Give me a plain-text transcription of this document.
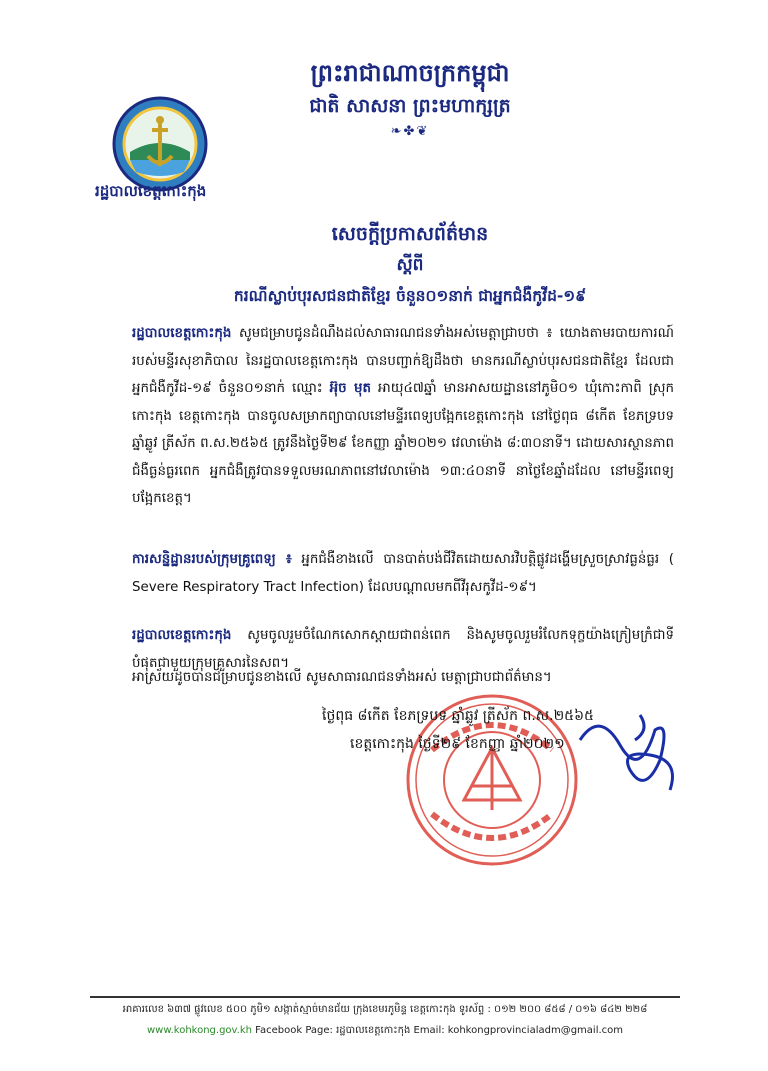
ព្រះរាជាណាចក្រកម្ពុជា
ជាតិ សាសនា ព្រះមហាក្សត្រ
❧✤❦
រដ្ឋបាលខេត្តកោះកុង
សេចក្តីប្រកាសព័ត៌មាន
ស្តីពី
ករណីស្លាប់បុរសជនជាតិខ្មែរ ចំនួន០១នាក់ ជាអ្នកជំងឺកូវីដ-១៩
រដ្ឋបាលខេត្តកោះកុង សូមជម្រាបជូនដំណឹងដល់សាធារណជនទាំងអស់មេត្តាជ្រាបថា ៖ យោងតាមរបាយការណ៍របស់មន្ទីរសុខាភិបាល នៃរដ្ឋបាលខេត្តកោះកុង បានបញ្ជាក់ឱ្យដឹងថា មានករណីស្លាប់បុរសជនជាតិខ្មែរ ដែលជាអ្នកជំងឺកូវីដ-១៩ ចំនួន០១នាក់ ឈ្មោះ អ៊ុច មុត អាយុ៤៧ឆ្នាំ មានអាសយដ្ឋាននៅភូមិ០១ ឃុំកោះកាពិ ស្រុកកោះកុង ខេត្តកោះកុង បានចូលសម្រាកព្យាបាលនៅមន្ទីរពេទ្យបង្អែកខេត្តកោះកុង នៅថ្ងៃពុធ ៨កើត ខែភទ្របទ ឆ្នាំឆ្លូវ ត្រីស័ក ព.ស.២៥៦៥ ត្រូវនឹងថ្ងៃទី២៩ ខែកញ្ញា ឆ្នាំ២០២១ វេលាម៉ោង ៨:៣០នាទី។ ដោយសារស្ថានភាពជំងឺធ្ងន់ធ្ងរពេក អ្នកជំងឺត្រូវបានទទួលមរណភាពនៅវេលាម៉ោង ១៣:៤០នាទី នាថ្ងៃខែឆ្នាំដដែល នៅមន្ទីរពេទ្យបង្អែកខេត្ត។
ការសន្និដ្ឋានរបស់ក្រុមគ្រូពេទ្យ ៖ អ្នកជំងឺខាងលើ បានបាត់បង់ជីវិតដោយសារវិបត្តិផ្លូវដង្ហើមស្រួចស្រាវធ្ងន់ធ្ងរ ( Severe Respiratory Tract Infection) ដែលបណ្តាលមកពីវីរុសកូវីដ-១៩។
រដ្ឋបាលខេត្តកោះកុង សូមចូលរួមចំណែកសោកស្តាយជាពន់ពេក និងសូមចូលរួមរំលែកទុក្ខយ៉ាងក្រៀមក្រំជាទីបំផុតជាមួយក្រុមគ្រួសារនៃសព។
អាស្រ័យដូចបានជម្រាបជូនខាងលើ សូមសាធារណជនទាំងអស់ មេត្តាជ្រាបជាព័ត៌មាន។
ថ្ងៃពុធ ៨កើត ខែភទ្របទ ឆ្នាំឆ្លូវ ត្រីស័ក ព.ស.២៥៦៥
ខេត្តកោះកុង ថ្ងៃទី២៩ ខែកញ្ញា ឆ្នាំ២០២១
អាគារលេខ ៦៣៧ ផ្លូវលេខ ៥០០ ភូមិ១ សង្កាត់ស្មាច់មានជ័យ ក្រុងខេមរភូមិន្ទ ខេត្តកោះកុង ទូរស័ព្ទ : ០១២ ២០០ ៨៥៨ / ០១៦ ៨៤២ ២២៨
www.kohkong.gov.kh Facebook Page: រដ្ឋបាលខេត្តកោះកុង Email: kohkongprovincialadm@gmail.com
